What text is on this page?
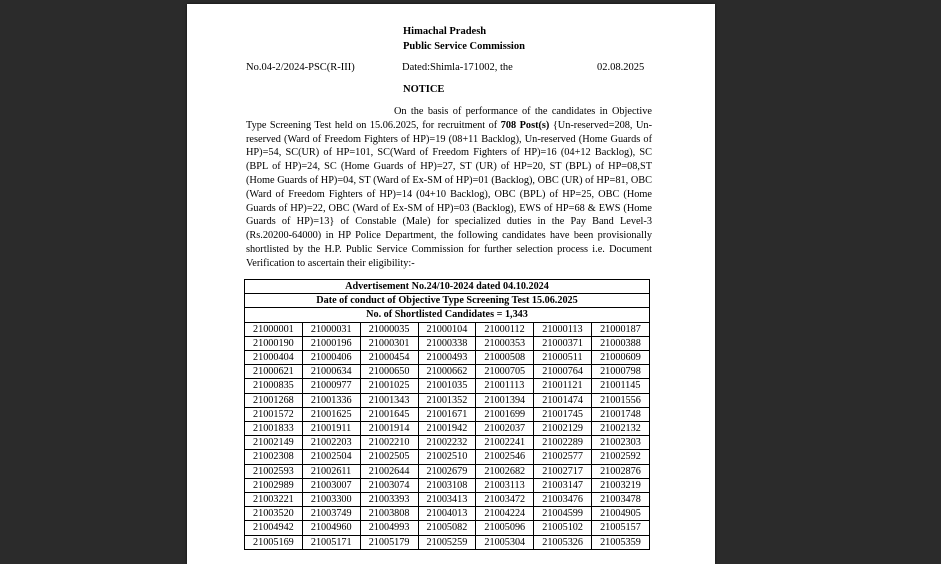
Himachal Pradesh
Public Service Commission
No.04-2/2024-PSC(R-III)	Dated:Shimla-171002, the	02.08.2025
NOTICE
On the basis of performance of the candidates in Objective Type Screening Test held on 15.06.2025, for recruitment of 708 Post(s) {Un-reserved=208, Un-reserved (Ward of Freedom Fighters of HP)=19 (08+11 Backlog), Un-reserved (Home Guards of HP)=54, SC(UR) of HP=101, SC(Ward of Freedom Fighters of HP)=16 (04+12 Backlog), SC (BPL of HP)=24, SC (Home Guards of HP)=27, ST (UR) of HP=20, ST (BPL) of HP=08,ST (Home Guards of HP)=04, ST (Ward of Ex-SM of HP)=01 (Backlog), OBC (UR) of HP=81, OBC (Ward of Freedom Fighters of HP)=14 (04+10 Backlog), OBC (BPL) of HP=25, OBC (Home Guards of HP)=22, OBC (Ward of Ex-SM of HP)=03 (Backlog), EWS of HP=68 & EWS (Home Guards of HP)=13} of Constable (Male) for specialized duties in the Pay Band Level-3 (Rs.20200-64000) in HP Police Department, the following candidates have been provisionally shortlisted by the H.P. Public Service Commission for further selection process i.e. Document Verification to ascertain their eligibility:-
Advertisement No.24/10-2024 dated 04.10.2024						
Date of conduct of Objective Type Screening Test 15.06.2025						
No. of Shortlisted Candidates = 1,343						
21000001	21000031	21000035	21000104	21000112	21000113	21000187
21000190	21000196	21000301	21000338	21000353	21000371	21000388
21000404	21000406	21000454	21000493	21000508	21000511	21000609
21000621	21000634	21000650	21000662	21000705	21000764	21000798
21000835	21000977	21001025	21001035	21001113	21001121	21001145
21001268	21001336	21001343	21001352	21001394	21001474	21001556
21001572	21001625	21001645	21001671	21001699	21001745	21001748
21001833	21001911	21001914	21001942	21002037	21002129	21002132
21002149	21002203	21002210	21002232	21002241	21002289	21002303
21002308	21002504	21002505	21002510	21002546	21002577	21002592
21002593	21002611	21002644	21002679	21002682	21002717	21002876
21002989	21003007	21003074	21003108	21003113	21003147	21003219
21003221	21003300	21003393	21003413	21003472	21003476	21003478
21003520	21003749	21003808	21004013	21004224	21004599	21004905
21004942	21004960	21004993	21005082	21005096	21005102	21005157
21005169	21005171	21005179	21005259	21005304	21005326	21005359
